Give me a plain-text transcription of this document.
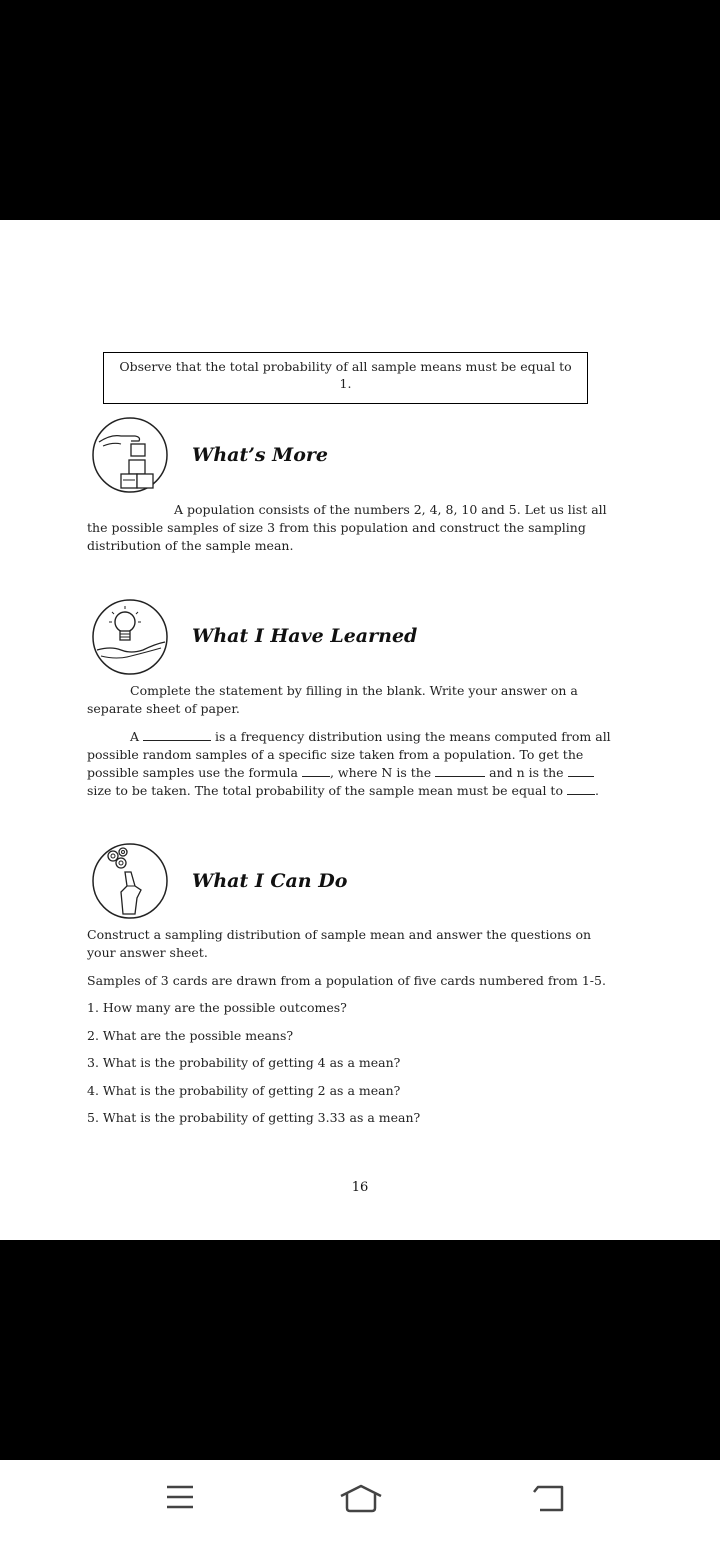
Observe that the total probability of all sample means must be equal to
1.
What’s More

A population consists of the numbers 2, 4, 8, 10 and 5. Let us list all

the possible samples of size 3 from this population and construct the sampling

distribution of the sample mean.

What I Have Learned

Complete the statement by filling in the blank. Write your answer on a

separate sheet of paper.

A	is a frequency distribution using the means computed from all

possible random samples of a specific size taken from a population. To get the

possible samples use the formula	, where N is the	and n is the

size to be taken. The total probability of the sample mean must be equal to	.

What I Can Do

Construct a sampling distribution of sample mean and answer the questions on

your answer sheet.

Samples of 3 cards are drawn from a population of five cards numbered from 1-5.

1. How many are the possible outcomes?
2. What are the possible means?
3. What is the probability of getting 4 as a mean?
4. What is the probability of getting 2 as a mean?
5. What is the probability of getting 3.33 as a mean?
16
